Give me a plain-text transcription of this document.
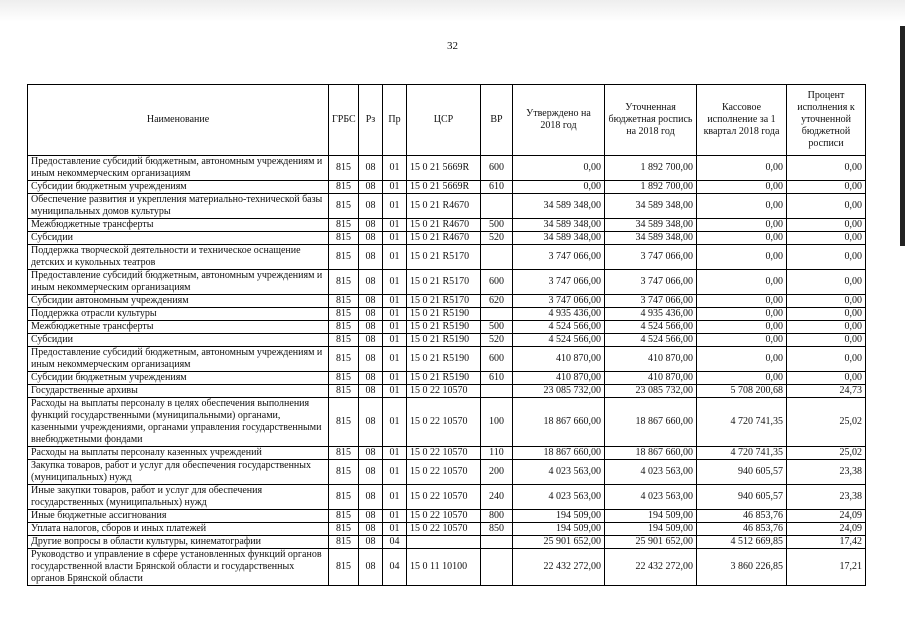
32
Наименование	ГРБС	Рз	Пр	ЦСР	ВР	Утверждено на 2018 год	Уточненная бюджетная роспись на 2018 год	Кассовое исполнение за 1 квартал 2018 года	Процент исполнения к уточненной бюджетной росписи
Предоставление субсидий бюджетным, автономным учреждениям и иным некоммерческим организациям	815	08	01	15 0 21 5669R	600	0,00	1 892 700,00	0,00	0,00
Субсидии бюджетным учреждениям	815	08	01	15 0 21 5669R	610	0,00	1 892 700,00	0,00	0,00
Обеспечение развития и укрепления материально-технической базы муниципальных домов культуры	815	08	01	15 0 21 R4670		34 589 348,00	34 589 348,00	0,00	0,00
Межбюджетные трансферты	815	08	01	15 0 21 R4670	500	34 589 348,00	34 589 348,00	0,00	0,00
Субсидии	815	08	01	15 0 21 R4670	520	34 589 348,00	34 589 348,00	0,00	0,00
Поддержка творческой деятельности и техническое оснащение детских и кукольных театров	815	08	01	15 0 21 R5170		3 747 066,00	3 747 066,00	0,00	0,00
Предоставление субсидий бюджетным, автономным учреждениям и иным некоммерческим организациям	815	08	01	15 0 21 R5170	600	3 747 066,00	3 747 066,00	0,00	0,00
Субсидии автономным учреждениям	815	08	01	15 0 21 R5170	620	3 747 066,00	3 747 066,00	0,00	0,00
Поддержка отрасли культуры	815	08	01	15 0 21 R5190		4 935 436,00	4 935 436,00	0,00	0,00
Межбюджетные трансферты	815	08	01	15 0 21 R5190	500	4 524 566,00	4 524 566,00	0,00	0,00
Субсидии	815	08	01	15 0 21 R5190	520	4 524 566,00	4 524 566,00	0,00	0,00
Предоставление субсидий бюджетным, автономным учреждениям и иным некоммерческим организациям	815	08	01	15 0 21 R5190	600	410 870,00	410 870,00	0,00	0,00
Субсидии бюджетным учреждениям	815	08	01	15 0 21 R5190	610	410 870,00	410 870,00	0,00	0,00
Государственные архивы	815	08	01	15 0 22 10570		23 085 732,00	23 085 732,00	5 708 200,68	24,73
Расходы на выплаты персоналу в целях обеспечения выполнения функций государственными (муниципальными) органами, казенными учреждениями, органами управления государственными внебюджетными фондами	815	08	01	15 0 22 10570	100	18 867 660,00	18 867 660,00	4 720 741,35	25,02
Расходы на выплаты персоналу казенных учреждений	815	08	01	15 0 22 10570	110	18 867 660,00	18 867 660,00	4 720 741,35	25,02
Закупка товаров, работ и услуг для обеспечения государственных (муниципальных) нужд	815	08	01	15 0 22 10570	200	4 023 563,00	4 023 563,00	940 605,57	23,38
Иные закупки товаров, работ и услуг для обеспечения государственных (муниципальных) нужд	815	08	01	15 0 22 10570	240	4 023 563,00	4 023 563,00	940 605,57	23,38
Иные бюджетные ассигнования	815	08	01	15 0 22 10570	800	194 509,00	194 509,00	46 853,76	24,09
Уплата налогов, сборов и иных платежей	815	08	01	15 0 22 10570	850	194 509,00	194 509,00	46 853,76	24,09
Другие вопросы в области культуры, кинематографии	815	08	04			25 901 652,00	25 901 652,00	4 512 669,85	17,42
Руководство и управление в сфере установленных функций органов государственной власти Брянской области и государственных органов Брянской области	815	08	04	15 0 11 10100		22 432 272,00	22 432 272,00	3 860 226,85	17,21
